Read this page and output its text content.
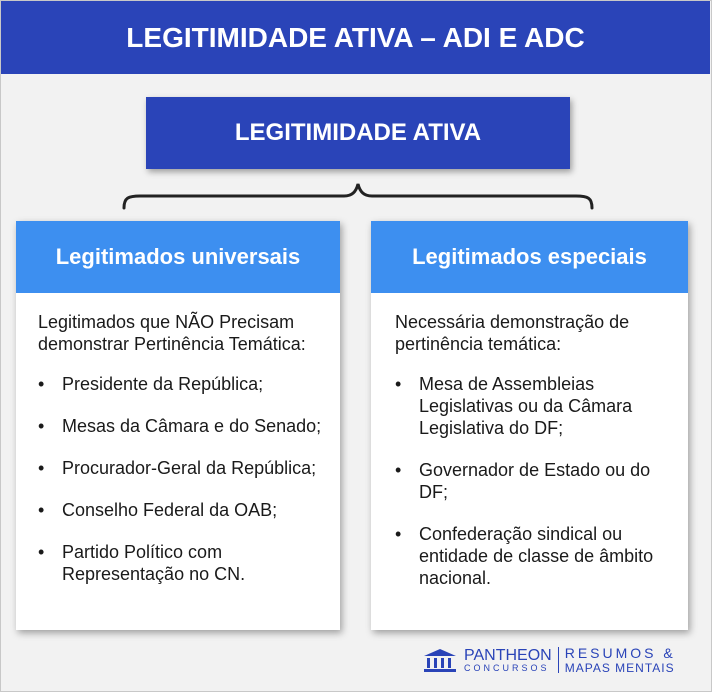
LEGITIMIDADE ATIVA – ADI E ADC
LEGITIMIDADE ATIVA
Legitimados universais

Legitimados que NÃO Precisam demonstrar Pertinência Temática:

• Presidente da República;
• Mesas da Câmara e do Senado;
• Procurador-Geral da República;
• Conselho Federal da OAB;
• Partido Político com Representação no CN.
Legitimados especiais

Necessária demonstração de pertinência temática:

• Mesa de Assembleias Legislativas ou da Câmara Legislativa do DF;
• Governador de Estado ou do DF;
• Confederação sindical ou entidade de classe de âmbito nacional.
PANTHEON
CONCURSOS
RESUMOS &
MAPAS MENTAIS
